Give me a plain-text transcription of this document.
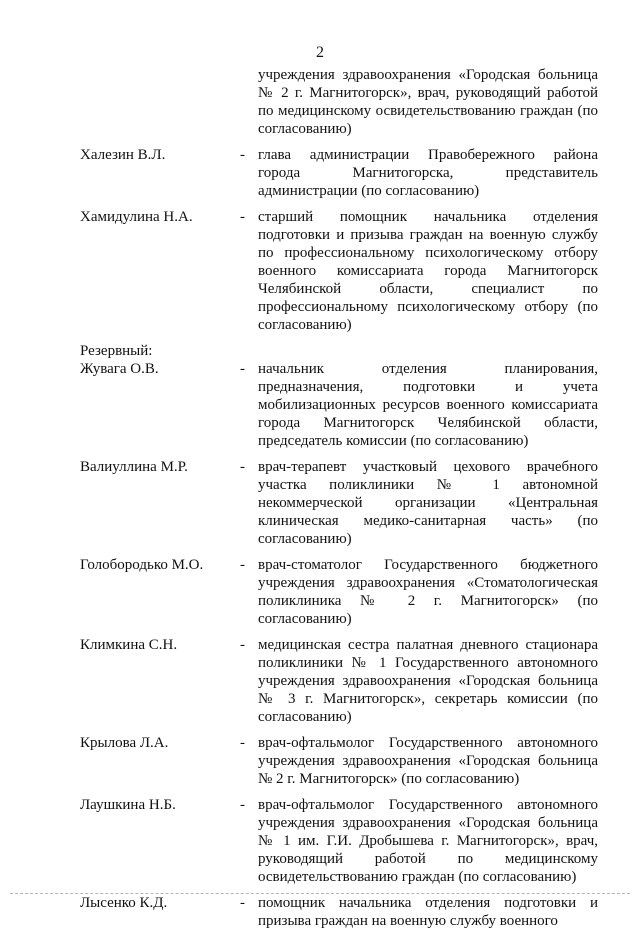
2
учреждения здравоохранения «Городская больница № 2 г. Магнитогорск», врач, руководящий работой по медицинскому освидетельствованию граждан (по согласованию)
Халезин В.Л.	- глава администрации Правобережного района города Магнитогорска, представитель администрации (по согласованию)
Хамидулина Н.А.	- старший помощник начальника отделения подготовки и призыва граждан на военную службу по профессиональному психологическому отбору военного комиссариата города Магнитогорск Челябинской области, специалист по профессиональному психологическому отбору (по согласованию)
Резервный:
Жувага О.В.	- начальник отделения планирования, предназначения, подготовки и учета мобилизационных ресурсов военного комиссариата города Магнитогорск Челябинской области, председатель комиссии (по согласованию)
Валиуллина М.Р.	- врач-терапевт участковый цехового врачебного участка поликлиники № 1 автономной некоммерческой организации «Центральная клиническая медико-санитарная часть» (по согласованию)
Голобородько М.О. - врач-стоматолог Государственного бюджетного учреждения здравоохранения «Стоматологическая поликлиника № 2 г. Магнитогорск» (по согласованию)
Климкина С.Н.	- медицинская сестра палатная дневного стационара поликлиники № 1 Государственного автономного учреждения здравоохранения «Городская больница № 3 г. Магнитогорск», секретарь комиссии (по согласованию)
Крылова Л.А.	- врач-офтальмолог Государственного автономного учреждения здравоохранения «Городская больница № 2 г. Магнитогорск» (по согласованию)
Лаушкина Н.Б.	- врач-офтальмолог Государственного автономного учреждения здравоохранения «Городская больница № 1 им. Г.И. Дробышева г. Магнитогорск», врач, руководящий работой по медицинскому освидетельствованию граждан (по согласованию)
Лысенко К.Д.	- помощник начальника отделения подготовки и призыва граждан на военную службу военного
